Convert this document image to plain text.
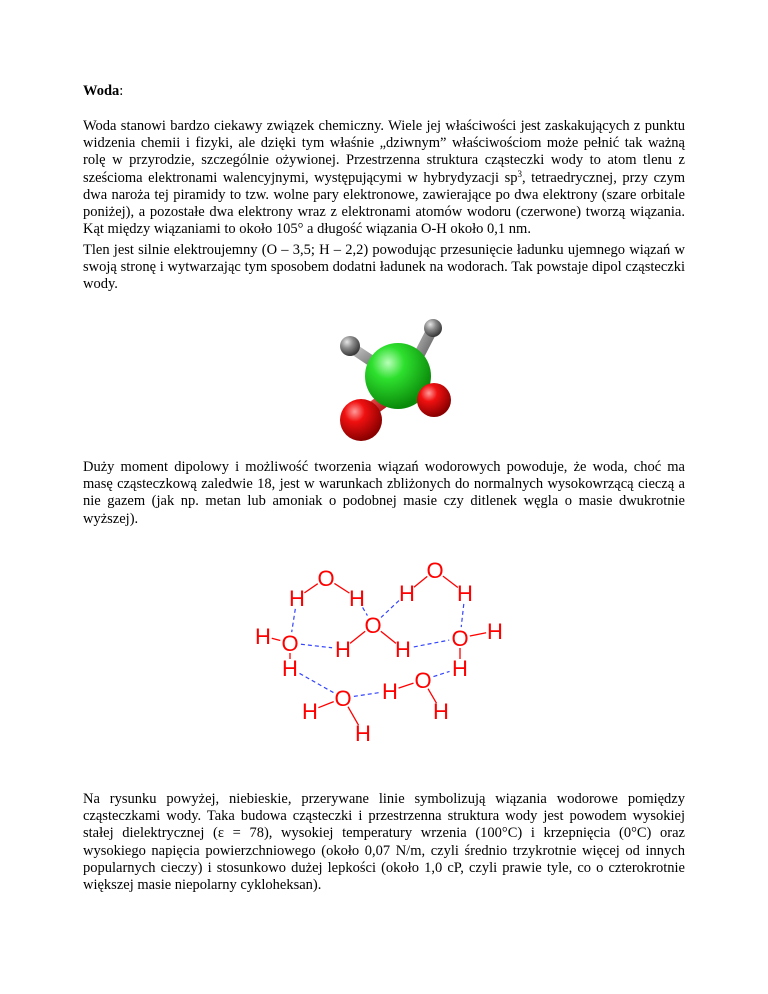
Woda:

Woda stanowi bardzo ciekawy związek chemiczny. Wiele jej właściwości jest zaskakujących z punktu widzenia chemii i fizyki, ale dzięki tym właśnie „dziwnym” właściwościom może pełnić tak ważną rolę w przyrodzie, szczególnie ożywionej. Przestrzenna struktura cząsteczki wody to atom tlenu z sześcioma elektronami walencyjnymi, występującymi w hybrydyzacji $sp^3$, tetraedrycznej, przy czym dwa naroża tej piramidy to tzw. wolne pary elektronowe, zawierające po dwa elektrony (szare orbitale poniżej), a pozostałe dwa elektrony wraz z elektronami atomów wodoru (czerwone) tworzą wiązania. Kąt między wiązaniami to około 105° a długość wiązania O-H około 0,1 nm.

Tlen jest silnie elektroujemny (O – 3,5; H – 2,2) powodując przesunięcie ładunku ujemnego wiązań w swoją stronę i wytwarzając tym sposobem dodatni ładunek na wodorach. Tak powstaje dipol cząsteczki wody.

Duży moment dipolowy i możliwość tworzenia wiązań wodorowych powoduje, że woda, choć ma masę cząsteczkową zaledwie 18, jest w warunkach zbliżonych do normalnych wysokowrzącą cieczą a nie gazem (jak np. metan lub amoniak o podobnej masie czy ditlenek węgla o masie dwukrotnie wyższej).

O
H H
O
H H
O
H H
O
H
H
O H
H
O
H
H
O
H
H

Na rysunku powyżej, niebieskie, przerywane linie symbolizują wiązania wodorowe pomiędzy cząsteczkami wody. Taka budowa cząsteczki i przestrzenna struktura wody jest powodem wysokiej stałej dielektrycznej (ε = 78), wysokiej temperatury wrzenia (100°C) i krzepnięcia (0°C) oraz wysokiego napięcia powierzchniowego (około 0,07 N/m, czyli średnio trzykrotnie więcej od innych popularnych cieczy) i stosunkowo dużej lepkości (około 1,0 cP, czyli prawie tyle, co o czterokrotnie większej masie niepolarny cykloheksan).
